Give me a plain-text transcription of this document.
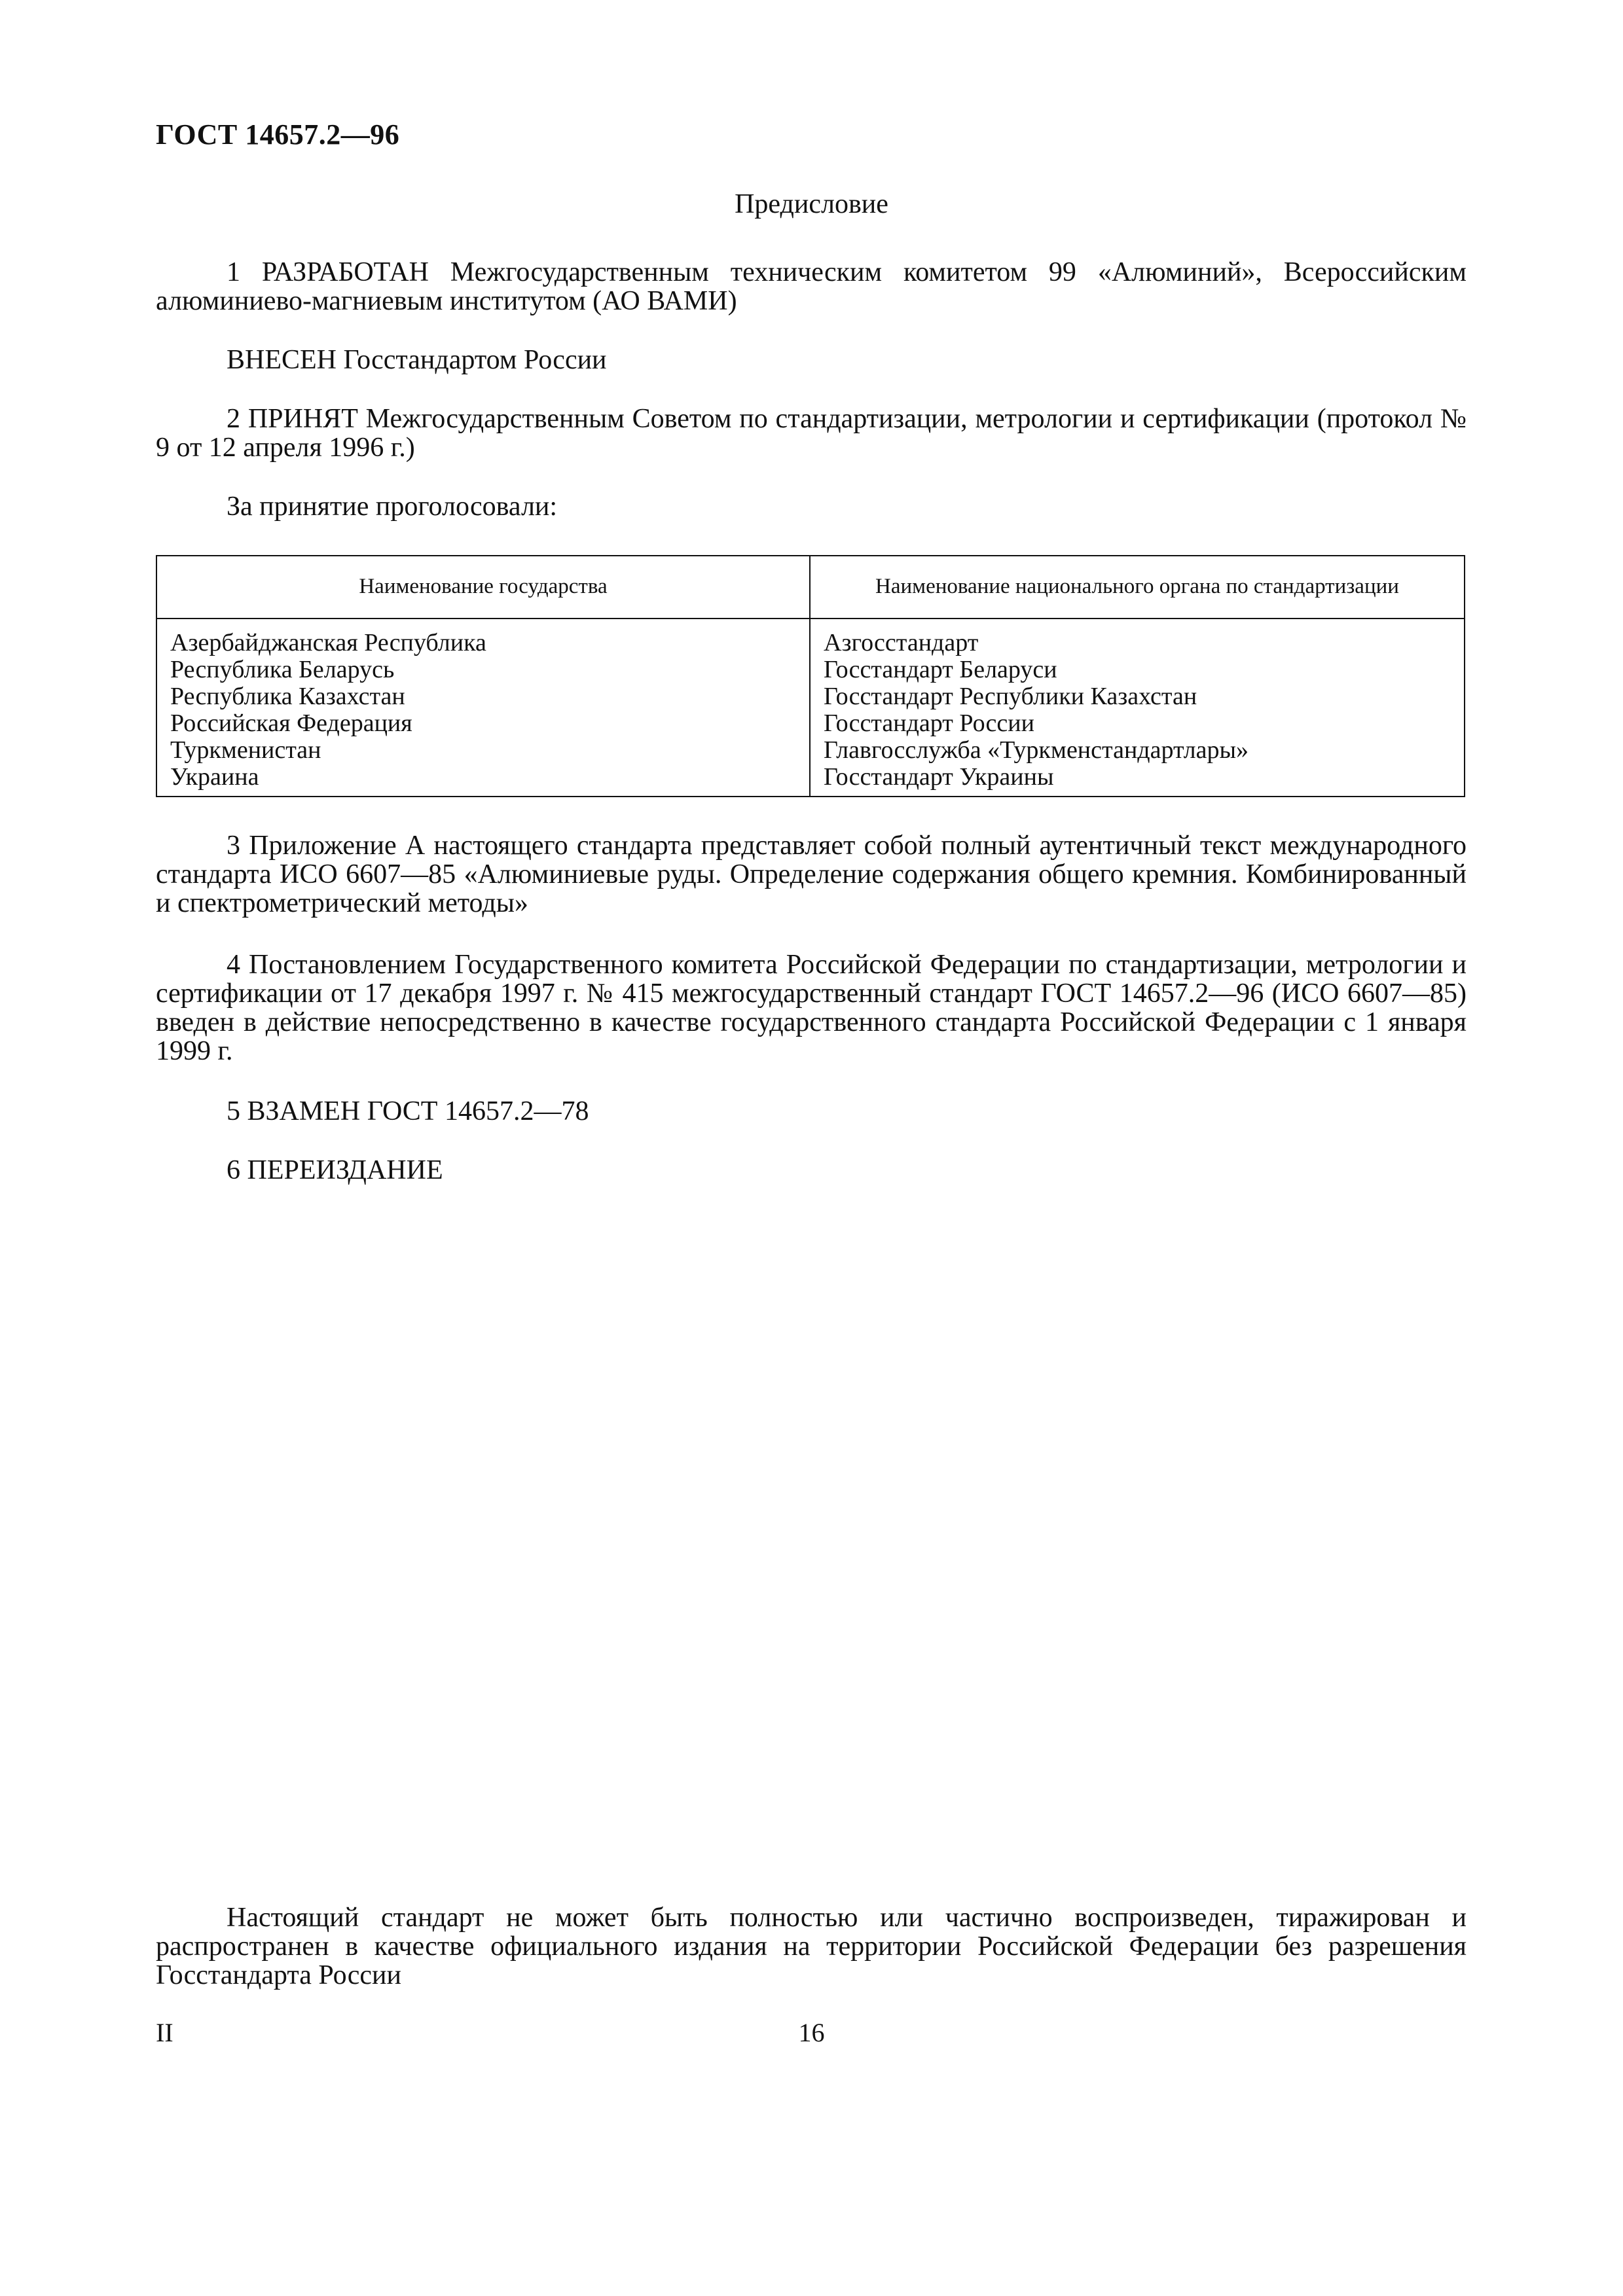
ГОСТ 14657.2—96
Предисловие
1 РАЗРАБОТАН Межгосударственным техническим комитетом 99 «Алюминий», Всероссийским алюминиево-магниевым институтом (АО ВАМИ)
ВНЕСЕН Госстандартом России
2 ПРИНЯТ Межгосударственным Советом по стандартизации, метрологии и сертификации (протокол № 9 от 12 апреля 1996 г.)
За принятие проголосовали:
Наименование государства	Наименование национального органа по стандартизации
Азербайджанская Республика
Республика Беларусь
Республика Казахстан
Российская Федерация
Туркменистан
Украина
Азгосстандарт
Госстандарт Беларуси
Госстандарт Республики Казахстан
Госстандарт России
Главгосслужба «Туркменстандартлары»
Госстандарт Украины
3 Приложение А настоящего стандарта представляет собой полный аутентичный текст международного стандарта ИСО 6607—85 «Алюминиевые руды. Определение содержания общего кремния. Комбинированный и спектрометрический методы»
4 Постановлением Государственного комитета Российской Федерации по стандартизации, метрологии и сертификации от 17 декабря 1997 г. № 415 межгосударственный стандарт ГОСТ 14657.2—96 (ИСО 6607—85) введен в действие непосредственно в качестве государственного стандарта Российской Федерации с 1 января 1999 г.
5 ВЗАМЕН ГОСТ 14657.2—78
6 ПЕРЕИЗДАНИЕ
Настоящий стандарт не может быть полностью или частично воспроизведен, тиражирован и распространен в качестве официального издания на территории Российской Федерации без разрешения Госстандарта России
II	16
